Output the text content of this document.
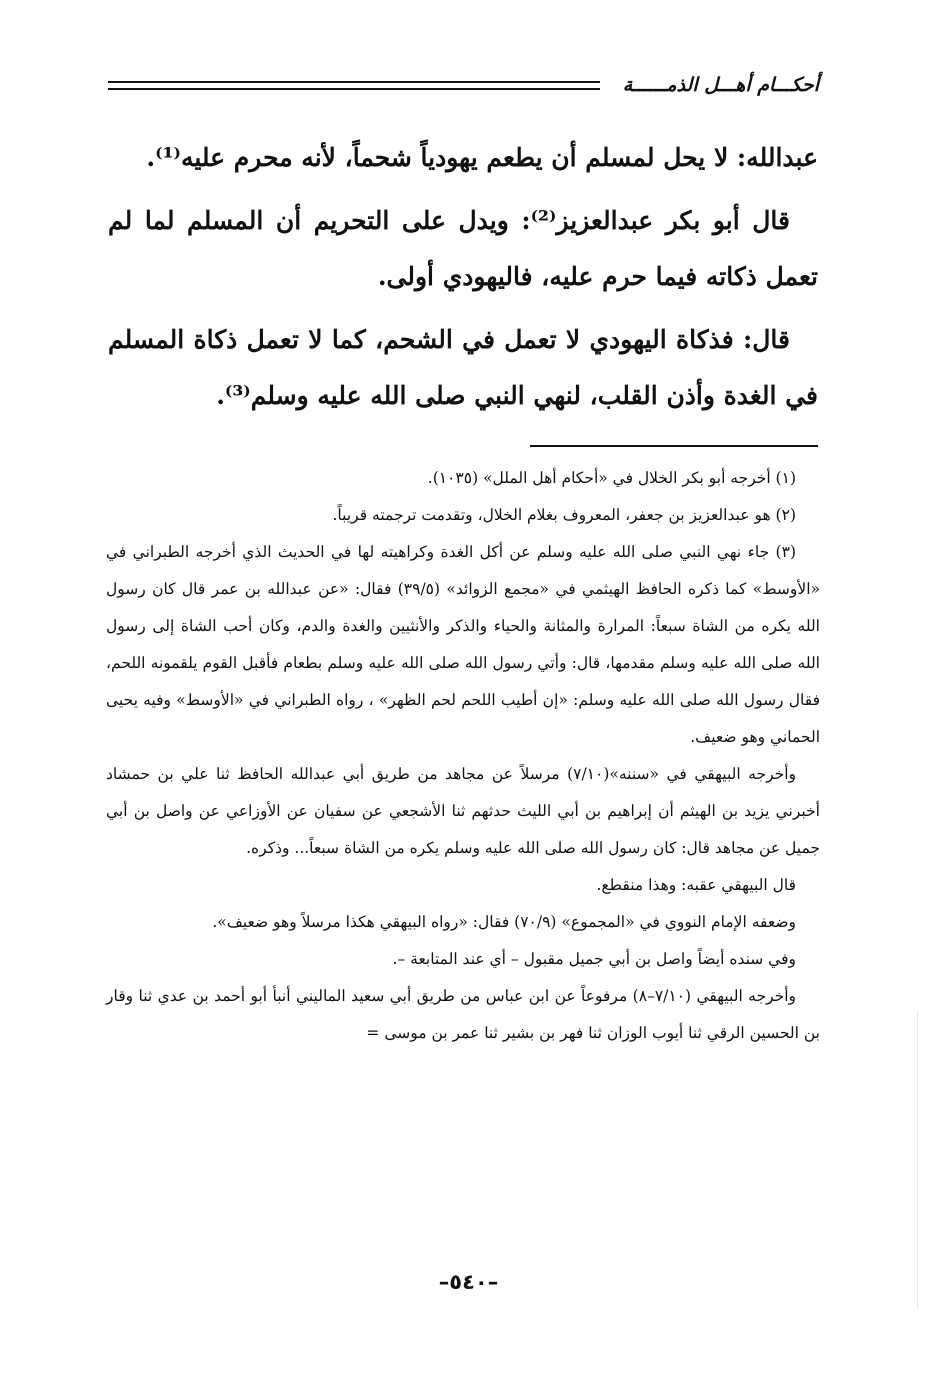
أحكـــام أهـــل الذمــــــة

عبدالله: لا يحل لمسلم أن يطعم يهودياً شحماً، لأنه محرم عليه⁽¹⁾.

قال أبو بكر عبدالعزيز⁽²⁾: ويدل على التحريم أن المسلم لما لم تعمل ذكاته فيما حرم عليه، فاليهودي أولى.

قال: فذكاة اليهودي لا تعمل في الشحم، كما لا تعمل ذكاة المسلم في الغدة وأذن القلب، لنهي النبي صلى الله عليه وسلم⁽³⁾.

(١) أخرجه أبو بكر الخلال في «أحكام أهل الملل» (١٠٣٥).

(٢) هو عبدالعزيز بن جعفر، المعروف بغلام الخلال، وتقدمت ترجمته قريباً.

(٣) جاء نهي النبي صلى الله عليه وسلم عن أكل الغدة وكراهيته لها في الحديث الذي أخرجه الطبراني في «الأوسط» كما ذكره الحافظ الهيثمي في «مجمع الزوائد» (٣٩/٥) فقال: «عن عبدالله بن عمر قال كان رسول الله يكره من الشاة سبعاً: المرارة والمثانة والحياء والذكر والأنثيين والغدة والدم، وكان أحب الشاة إلى رسول الله صلى الله عليه وسلم مقدمها، قال: وأتي رسول الله صلى الله عليه وسلم بطعام فأقبل القوم يلقمونه اللحم، فقال رسول الله صلى الله عليه وسلم: «إن أطيب اللحم لحم الظهر» ، رواه الطبراني في «الأوسط» وفيه يحيى الحماني وهو ضعيف.

وأخرجه البيهقي في «سننه»(٧/١٠) مرسلاً عن مجاهد من طريق أبي عبدالله الحافظ ثنا علي بن حمشاد أخبرني يزيد بن الهيثم أن إبراهيم بن أبي الليث حدثهم ثنا الأشجعي عن سفيان عن الأوزاعي عن واصل بن أبي جميل عن مجاهد قال: كان رسول الله صلى الله عليه وسلم يكره من الشاة سبعاً... وذكره.

قال البيهقي عقبه: وهذا منقطع.

وضعفه الإمام النووي في «المجموع» (٧٠/٩) فقال: «رواه البيهقي هكذا مرسلاً وهو ضعيف».

وفي سنده أيضاً واصل بن أبي جميل مقبول – أي عند المتابعة –.

وأخرجه البيهقي (٧/١٠–٨) مرفوعاً عن ابن عباس من طريق أبي سعيد الماليني أنبأ أبو أحمد بن عدي ثنا وقار بن الحسين الرقي ثنا أيوب الوزان ثنا فهر بن بشير ثنا عمر بن موسى =

–٥٤٠–
